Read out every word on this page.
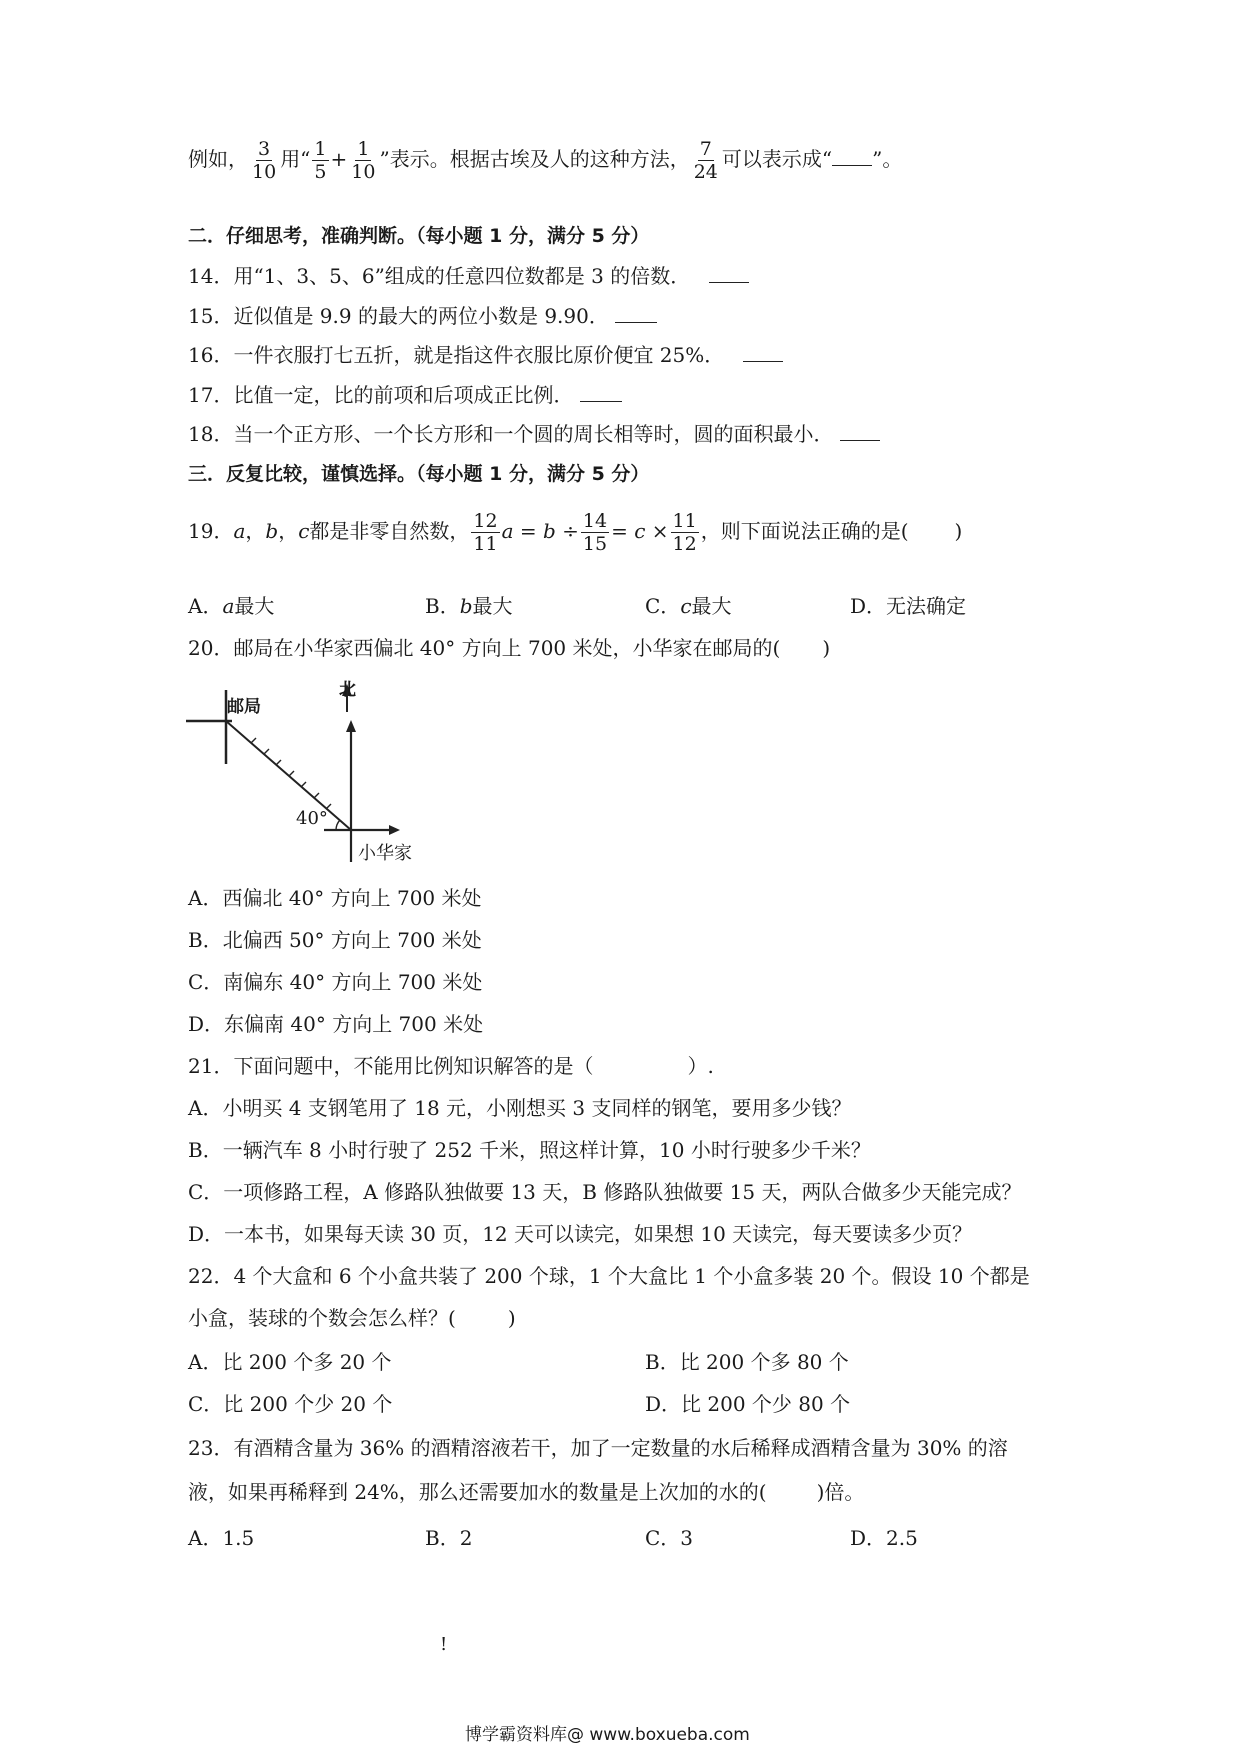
例如， $\frac{3}{10}$ 用“ $\frac{1}{5} + \frac{1}{10}$ ”表示。根据古埃及人的这种方法， $\frac{7}{24}$ 可以表示成“ ”。
二．仔细思考，准确判断。（每小题 1 分，满分 5 分）
14．用“1、3、5、6”组成的任意四位数都是 3 的倍数．
15．近似值是 9.9 的最大的两位小数是 9.90．
16．一件衣服打七五折，就是指这件衣服比原价便宜 25%．
17．比值一定，比的前项和后项成正比例．
18．当一个正方形、一个长方形和一个圆的周长相等时，圆的面积最小．
三．反复比较，谨慎选择。（每小题 1 分，满分 5 分）
19．a，b，c都是非零自然数， $\frac{12}{11}$ $a = b \div \frac{14}{15} = c \times \frac{11}{12}$ ，则下面说法正确的是( )
A．a最大	B．b最大	C．c最大	D．无法确定
20．邮局在小华家西偏北 40° 方向上 700 米处，小华家在邮局的( )
邮局
北
40°
小华家
A．西偏北 40° 方向上 700 米处
B．北偏西 50° 方向上 700 米处
C．南偏东 40° 方向上 700 米处
D．东偏南 40° 方向上 700 米处
21．下面问题中，不能用比例知识解答的是（	）.
A．小明买 4 支钢笔用了 18 元，小刚想买 3 支同样的钢笔，要用多少钱？
B．一辆汽车 8 小时行驶了 252 千米，照这样计算，10 小时行驶多少千米？
C．一项修路工程，A 修路队独做要 13 天，B 修路队独做要 15 天，两队合做多少天能完成？
D．一本书，如果每天读 30 页，12 天可以读完，如果想 10 天读完，每天要读多少页？
22．4 个大盒和 6 个小盒共装了 200 个球，1 个大盒比 1 个小盒多装 20 个。假设 10 个都是
小盒，装球的个数会怎么样？(	)
A．比 200 个多 20 个	B．比 200 个多 80 个
C．比 200 个少 20 个	D．比 200 个少 80 个
23．有酒精含量为 36% 的酒精溶液若干，加了一定数量的水后稀释成酒精含量为 30% 的溶
液，如果再稀释到 24%，那么还需要加水的数量是上次加的水的(	)倍。
A．1.5	B．2	C．3	D．2.5
!
博学霸资料库@ www.boxueba.com
